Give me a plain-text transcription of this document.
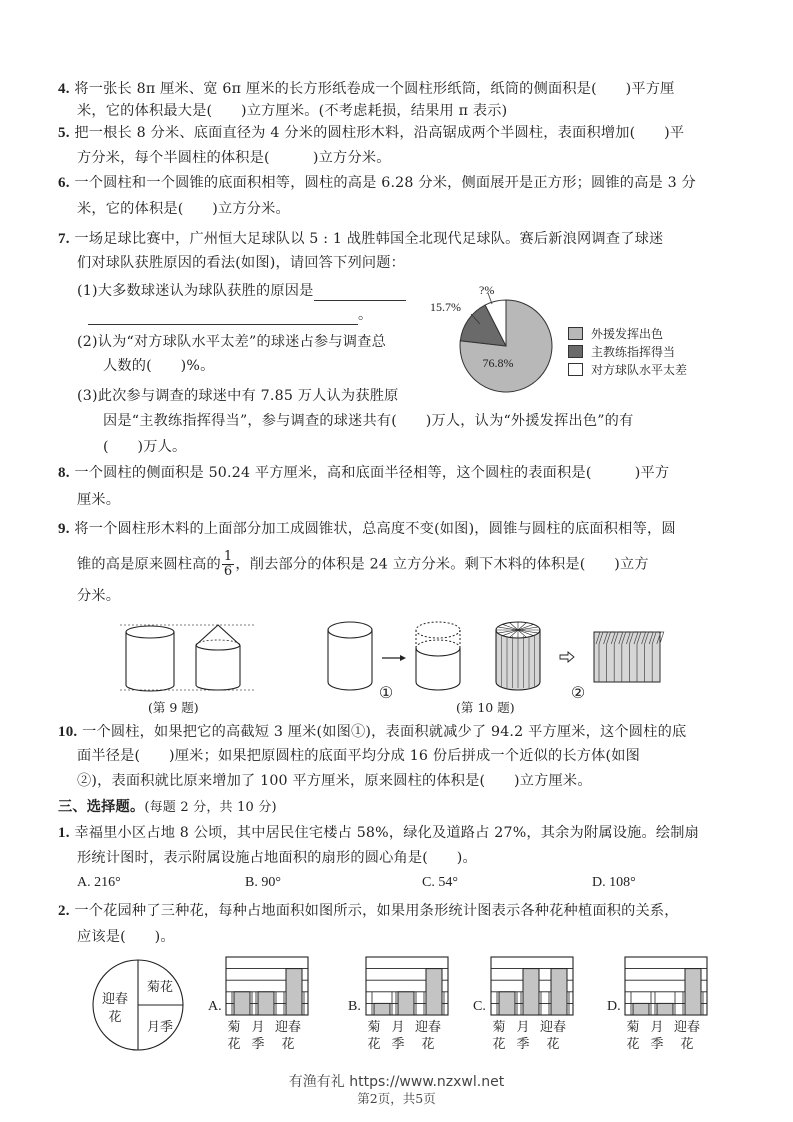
4. 将一张长 8π 厘米、宽 6π 厘米的长方形纸卷成一个圆柱形纸筒，纸筒的侧面积是(　　)平方厘
米，它的体积最大是(　　)立方厘米。(不考虑耗损，结果用 π 表示)
5. 把一根长 8 分米、底面直径为 4 分米的圆柱形木料，沿高锯成两个半圆柱，表面积增加(　　)平
方分米，每个半圆柱的体积是(　　　)立方分米。
6. 一个圆柱和一个圆锥的底面积相等，圆柱的高是 6.28 分米，侧面展开是正方形；圆锥的高是 3 分
米，它的体积是(　　)立方分米。
7. 一场足球比赛中，广州恒大足球队以 5 : 1 战胜韩国全北现代足球队。赛后新浪网调查了球迷
们对球队获胜原因的看法(如图)，请回答下列问题：
(1)大多数球迷认为球队获胜的原因是
。
(2)认为“对方球队水平太差”的球迷占参与调查总
人数的(　　)%。
(3)此次参与调查的球迷中有 7.85 万人认为获胜原
因是“主教练指挥得当”，参与调查的球迷共有(　　)万人，认为“外援发挥出色”的有
(　　)万人。
76.8%
15.7%
?%
外援发挥出色
主教练指挥得当
对方球队水平太差
8. 一个圆柱的侧面积是 50.24 平方厘米，高和底面半径相等，这个圆柱的表面积是(　　　)平方
厘米。
9. 将一个圆柱形木料的上面部分加工成圆锥状，总高度不变(如图)，圆锥与圆柱的底面积相等，圆
锥的高是原来圆柱高的 $\frac{1}{6}$ ，削去部分的体积是 24 立方分米。剩下木料的体积是(　　)立方
分米。
(第 9 题)
①	②
(第 10 题)
10. 一个圆柱，如果把它的高截短 3 厘米(如图①)，表面积就减少了 94.2 平方厘米，这个圆柱的底
面半径是(　　)厘米；如果把原圆柱的底面平均分成 16 份后拼成一个近似的长方体(如图
②)，表面积就比原来增加了 100 平方厘米，原来圆柱的体积是(　　)立方厘米。
三、选择题。(每题 2 分，共 10 分)
1. 幸福里小区占地 8 公顷，其中居民住宅楼占 58%，绿化及道路占 27%，其余为附属设施。绘制扇
形统计图时，表示附属设施占地面积的扇形的圆心角是(　　)。
A. 216°	B. 90°	C. 54°	D. 108°
2. 一个花园种了三种花，每种占地面积如图所示，如果用条形统计图表示各种花种植面积的关系，
应该是(　　)。
菊花
月季
迎春
花
A.
菊
花
月
季
迎春
花
B.
菊
花
月
季
迎春
花
C.
菊
花
月
季
迎春
花
D.
菊
花
月
季
迎春
花
有渔有礼 https://www.nzxwl.net
第2页，共5页
